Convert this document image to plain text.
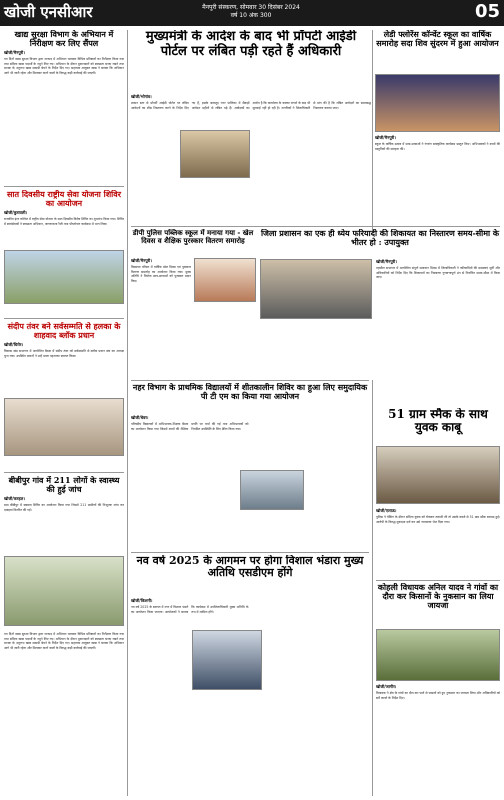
खोजी एनसीआर	मैनपुरी संस्करण, सोमवार 30 दिसंबर 2024
वर्ष 10 अंक 300	05
खाद्य सुरक्षा विभाग के अभियान में निरीक्षण कर लिए सैंपल
खोजी/मैनपुरी।
गत दिनों खाद्य सुरक्षा विभाग द्वारा जनपद में अभियान चलाकर विभिन्न प्रतिष्ठानों का निरीक्षण किया गया तथा संदिग्ध खाद्य पदार्थों के नमूने लिए गए। अभियान के दौरान दुकानदारों को स्वच्छता बनाए रखने तथा मानक के अनुरूप खाद्य सामग्री बेचने के निर्देश दिए गए। सहायक आयुक्त खाद्य ने बताया कि अभियान आगे भी जारी रहेगा और मिलावट करने वालों के विरुद्ध कड़ी कार्रवाई की जाएगी।
सात दिवसीय राष्ट्रीय सेवा योजना शिविर का आयोजन
खोजी/कुरावली।
राजकीय इंटर कॉलेज में राष्ट्रीय सेवा योजना के सात दिवसीय विशेष शिविर का शुभारंभ किया गया। शिविर में स्वयंसेवकों ने स्वच्छता अभियान, जागरूकता रैली तथा पौधरोपण कार्यक्रम में भाग लिया।
संदीप तंवर बने सर्वसम्मति से हलका के शाहवाद ब्लॉक प्रधान
खोजी/घिरोर।
विकास खंड सभागार में आयोजित बैठक में संदीप तंवर को सर्वसम्मति से ब्लॉक प्रधान संघ का अध्यक्ष चुना गया। उपस्थित प्रधानों ने उन्हें माला पहनाकर स्वागत किया।
बीबीपुर गांव में 211 लोगों के स्वास्थ्य की हुई जांच
खोजी/करहल।
ग्राम बीबीपुर में स्वास्थ्य शिविर का आयोजन किया गया जिसमें 211 ग्रामीणों की निःशुल्क जांच कर दवाइयां वितरित की गईं।
गत दिनों खाद्य सुरक्षा विभाग द्वारा जनपद में अभियान चलाकर विभिन्न प्रतिष्ठानों का निरीक्षण किया गया तथा संदिग्ध खाद्य पदार्थों के नमूने लिए गए। अभियान के दौरान दुकानदारों को स्वच्छता बनाए रखने तथा मानक के अनुरूप खाद्य सामग्री बेचने के निर्देश दिए गए। सहायक आयुक्त खाद्य ने बताया कि अभियान आगे भी जारी रहेगा और मिलावट करने वालों के विरुद्ध कड़ी कार्रवाई की जाएगी।
मुख्यमंत्री के आदेश के बाद भी प्रॉपर्टी आईडी पोर्टल पर लंबित पड़ी रहते हैं अधिकारी
खोजी/भोगांव।
शासन स्तर से प्रॉपर्टी आईडी पोर्टल पर लंबित आवेदनों का शीघ्र निस्तारण करने के निर्देश दिए गए हैं, इसके बावजूद नगर पालिका में सैकड़ों आवेदन महीनों से लंबित पड़े हैं। आवेदकों का आरोप है कि कार्यालय के चक्कर लगाने के बाद भी सुनवाई नहीं हो रही है। नागरिकों ने जिलाधिकारी से मांग की है कि लंबित आवेदनों का समयबद्ध निस्तारण कराया जाए।
लेडी फ्लोरेंस कॉन्वेंट स्कूल का वार्षिक समारोह सदा शिव सुंदरम में हुआ आयोजन
खोजी/मैनपुरी।
स्कूल के वार्षिक उत्सव में छात्र-छात्राओं ने रंगारंग सांस्कृतिक कार्यक्रम प्रस्तुत किए। अभिभावकों ने बच्चों की प्रस्तुतियों की सराहना की।
डीपी पुलिस पब्लिक स्कूल में मनाया गया - खेल दिवस व शैक्षिक पुरस्कार वितरण समारोह
खोजी/मैनपुरी।
विद्यालय परिसर में वार्षिक खेल दिवस एवं पुरस्कार वितरण समारोह का आयोजन किया गया। मुख्य अतिथि ने विजेता छात्र-छात्राओं को पुरस्कार प्रदान किए।
जिला प्रशासन का एक ही ध्येय फरियादी की शिकायत का निस्तारण समय-सीमा के भीतर हो : उपायुक्त
खोजी/मैनपुरी।
तहसील सभागार में आयोजित संपूर्ण समाधान दिवस में जिलाधिकारी ने फरियादियों की समस्याएं सुनीं और अधिकारियों को निर्देश दिए कि शिकायतों का निस्तारण गुणवत्तापूर्ण ढंग से निर्धारित समय-सीमा में किया जाए।
नहर विभाग के प्राथमिक विद्यालयों में शीतकालीन शिविर का हुआ लिए समुदायिक पी टी एम का किया गया आयोजन
खोजी/बेवर।
परिषदीय विद्यालयों में अभिभावक-शिक्षक बैठक का आयोजन किया गया जिसमें बच्चों की शैक्षिक प्रगति पर चर्चा की गई तथा अभिभावकों को नियमित उपस्थिति के लिए प्रेरित किया गया।
51 ग्राम स्मैक के साथ युवक काबू
खोजी/एलाऊ।
पुलिस ने चेकिंग के दौरान संदिग्ध युवक को रोककर तलाशी ली तो उसके कब्जे से 51 ग्राम स्मैक बरामद हुई। आरोपी के विरुद्ध मुकदमा दर्ज कर उसे न्यायालय भेज दिया गया।
नव वर्ष 2025 के आगमन पर होगा विशाल भंडारा मुख्य अतिथि एसडीएम होंगे
खोजी/किशनी।
नव वर्ष 2025 के स्वागत में नगर में विशाल भंडारे का आयोजन किया जाएगा। आयोजकों ने बताया कि कार्यक्रम में उपजिलाधिकारी मुख्य अतिथि के रूप में शामिल होंगे।
कोहली विधायक अनिल यादव ने गांवों का दौरा कर किसानों के नुकसान का लिया जायजा
खोजी/जागीर।
विधायक ने क्षेत्र के गांवों का दौरा कर पाले से फसलों को हुए नुकसान का जायजा लिया और अधिकारियों को सर्वे कराने के निर्देश दिए।
